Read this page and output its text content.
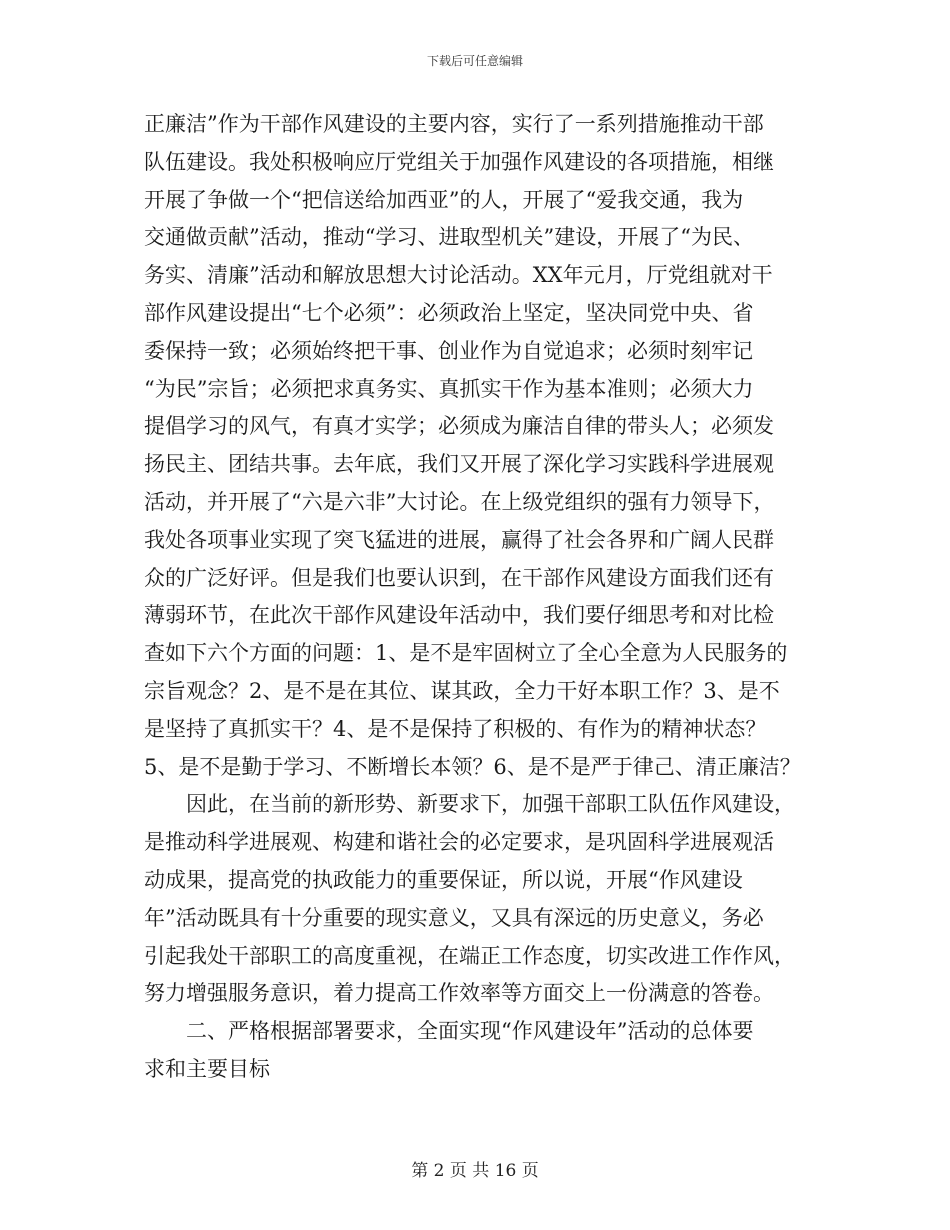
下载后可任意编辑

正廉洁”作为干部作风建设的主要内容，实行了一系列措施推动干部

队伍建设。我处积极响应厅党组关于加强作风建设的各项措施，相继

开展了争做一个“把信送给加西亚”的人，开展了“爱我交通，我为

交通做贡献”活动，推动“学习、进取型机关”建设，开展了“为民、

务实、清廉”活动和解放思想大讨论活动。XX年元月，厅党组就对干

部作风建设提出“七个必须”：必须政治上坚定，坚决同党中央、省

委保持一致；必须始终把干事、创业作为自觉追求；必须时刻牢记

“为民”宗旨；必须把求真务实、真抓实干作为基本准则；必须大力

提倡学习的风气，有真才实学；必须成为廉洁自律的带头人；必须发

扬民主、团结共事。去年底，我们又开展了深化学习实践科学进展观

活动，并开展了“六是六非”大讨论。在上级党组织的强有力领导下，

我处各项事业实现了突飞猛进的进展，赢得了社会各界和广阔人民群

众的广泛好评。但是我们也要认识到，在干部作风建设方面我们还有

薄弱环节，在此次干部作风建设年活动中，我们要仔细思考和对比检

查如下六个方面的问题：1、是不是牢固树立了全心全意为人民服务的

宗旨观念？2、是不是在其位、谋其政，全力干好本职工作？3、是不

是坚持了真抓实干？4、是不是保持了积极的、有作为的精神状态？

5、是不是勤于学习、不断增长本领？6、是不是严于律己、清正廉洁？

因此，在当前的新形势、新要求下，加强干部职工队伍作风建设，

是推动科学进展观、构建和谐社会的必定要求，是巩固科学进展观活

动成果，提高党的执政能力的重要保证，所以说，开展“作风建设

年”活动既具有十分重要的现实意义，又具有深远的历史意义，务必

引起我处干部职工的高度重视，在端正工作态度，切实改进工作作风，

努力增强服务意识，着力提高工作效率等方面交上一份满意的答卷。

二、严格根据部署要求，全面实现“作风建设年”活动的总体要

求和主要目标

第 2 页 共 16 页
